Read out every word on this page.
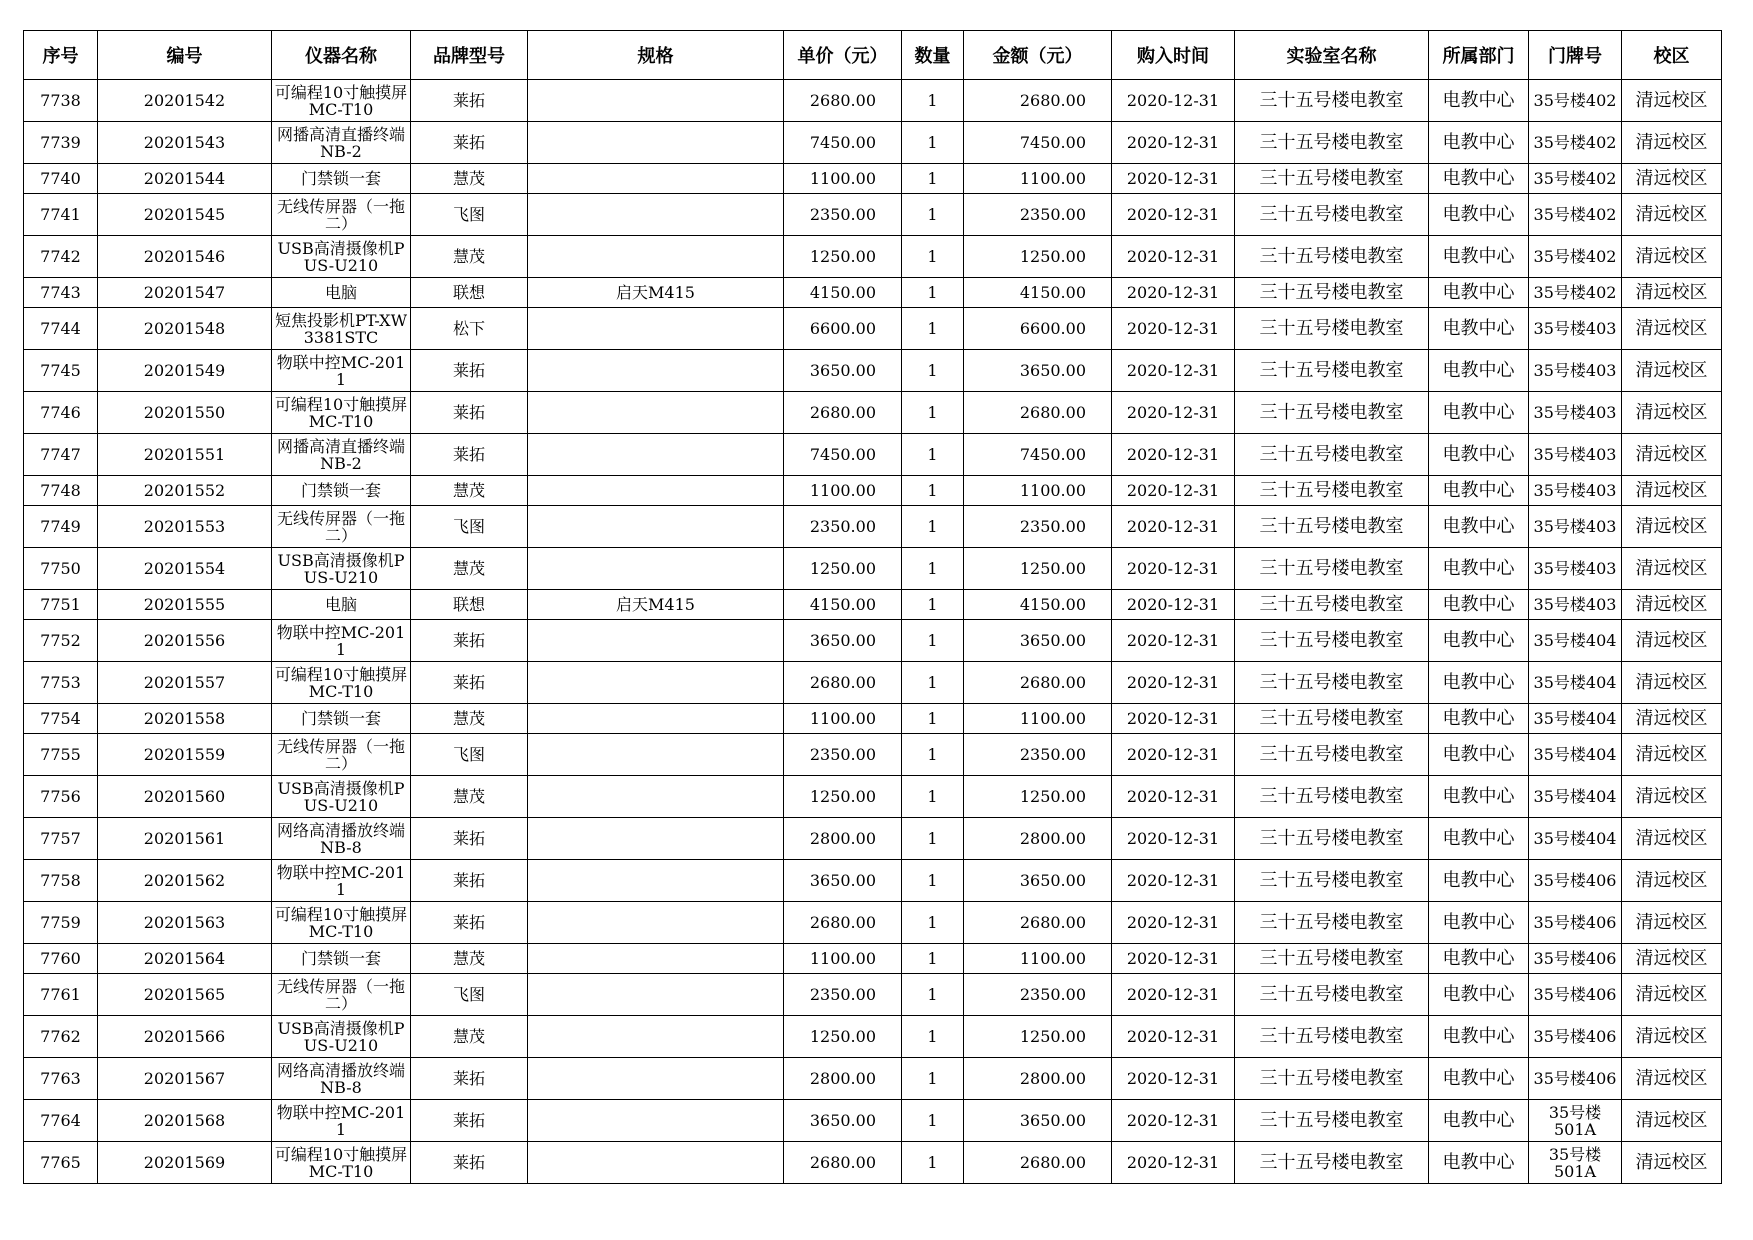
序号	编号	仪器名称	品牌型号	规格	单价（元）	数量	金额（元）	购入时间	实验室名称	所属部门	门牌号	校区
7738	20201542	可编程10寸触摸屏MC-T10	莱拓		2680.00	1	2680.00	2020-12-31	三十五号楼电教室	电教中心	35号楼402	清远校区
7739	20201543	网播高清直播终端NB-2	莱拓		7450.00	1	7450.00	2020-12-31	三十五号楼电教室	电教中心	35号楼402	清远校区
7740	20201544	门禁锁一套	慧茂		1100.00	1	1100.00	2020-12-31	三十五号楼电教室	电教中心	35号楼402	清远校区
7741	20201545	无线传屏器（一拖二）	飞图		2350.00	1	2350.00	2020-12-31	三十五号楼电教室	电教中心	35号楼402	清远校区
7742	20201546	USB高清摄像机PUS-U210	慧茂		1250.00	1	1250.00	2020-12-31	三十五号楼电教室	电教中心	35号楼402	清远校区
7743	20201547	电脑	联想	启天M415	4150.00	1	4150.00	2020-12-31	三十五号楼电教室	电教中心	35号楼402	清远校区
7744	20201548	短焦投影机PT-XW3381STC	松下		6600.00	1	6600.00	2020-12-31	三十五号楼电教室	电教中心	35号楼403	清远校区
7745	20201549	物联中控MC-2011	莱拓		3650.00	1	3650.00	2020-12-31	三十五号楼电教室	电教中心	35号楼403	清远校区
7746	20201550	可编程10寸触摸屏MC-T10	莱拓		2680.00	1	2680.00	2020-12-31	三十五号楼电教室	电教中心	35号楼403	清远校区
7747	20201551	网播高清直播终端NB-2	莱拓		7450.00	1	7450.00	2020-12-31	三十五号楼电教室	电教中心	35号楼403	清远校区
7748	20201552	门禁锁一套	慧茂		1100.00	1	1100.00	2020-12-31	三十五号楼电教室	电教中心	35号楼403	清远校区
7749	20201553	无线传屏器（一拖二）	飞图		2350.00	1	2350.00	2020-12-31	三十五号楼电教室	电教中心	35号楼403	清远校区
7750	20201554	USB高清摄像机PUS-U210	慧茂		1250.00	1	1250.00	2020-12-31	三十五号楼电教室	电教中心	35号楼403	清远校区
7751	20201555	电脑	联想	启天M415	4150.00	1	4150.00	2020-12-31	三十五号楼电教室	电教中心	35号楼403	清远校区
7752	20201556	物联中控MC-2011	莱拓		3650.00	1	3650.00	2020-12-31	三十五号楼电教室	电教中心	35号楼404	清远校区
7753	20201557	可编程10寸触摸屏MC-T10	莱拓		2680.00	1	2680.00	2020-12-31	三十五号楼电教室	电教中心	35号楼404	清远校区
7754	20201558	门禁锁一套	慧茂		1100.00	1	1100.00	2020-12-31	三十五号楼电教室	电教中心	35号楼404	清远校区
7755	20201559	无线传屏器（一拖二）	飞图		2350.00	1	2350.00	2020-12-31	三十五号楼电教室	电教中心	35号楼404	清远校区
7756	20201560	USB高清摄像机PUS-U210	慧茂		1250.00	1	1250.00	2020-12-31	三十五号楼电教室	电教中心	35号楼404	清远校区
7757	20201561	网络高清播放终端NB-8	莱拓		2800.00	1	2800.00	2020-12-31	三十五号楼电教室	电教中心	35号楼404	清远校区
7758	20201562	物联中控MC-2011	莱拓		3650.00	1	3650.00	2020-12-31	三十五号楼电教室	电教中心	35号楼406	清远校区
7759	20201563	可编程10寸触摸屏MC-T10	莱拓		2680.00	1	2680.00	2020-12-31	三十五号楼电教室	电教中心	35号楼406	清远校区
7760	20201564	门禁锁一套	慧茂		1100.00	1	1100.00	2020-12-31	三十五号楼电教室	电教中心	35号楼406	清远校区
7761	20201565	无线传屏器（一拖二）	飞图		2350.00	1	2350.00	2020-12-31	三十五号楼电教室	电教中心	35号楼406	清远校区
7762	20201566	USB高清摄像机PUS-U210	慧茂		1250.00	1	1250.00	2020-12-31	三十五号楼电教室	电教中心	35号楼406	清远校区
7763	20201567	网络高清播放终端NB-8	莱拓		2800.00	1	2800.00	2020-12-31	三十五号楼电教室	电教中心	35号楼406	清远校区
7764	20201568	物联中控MC-2011	莱拓		3650.00	1	3650.00	2020-12-31	三十五号楼电教室	电教中心	35号楼501A	清远校区
7765	20201569	可编程10寸触摸屏MC-T10	莱拓		2680.00	1	2680.00	2020-12-31	三十五号楼电教室	电教中心	35号楼501A	清远校区
